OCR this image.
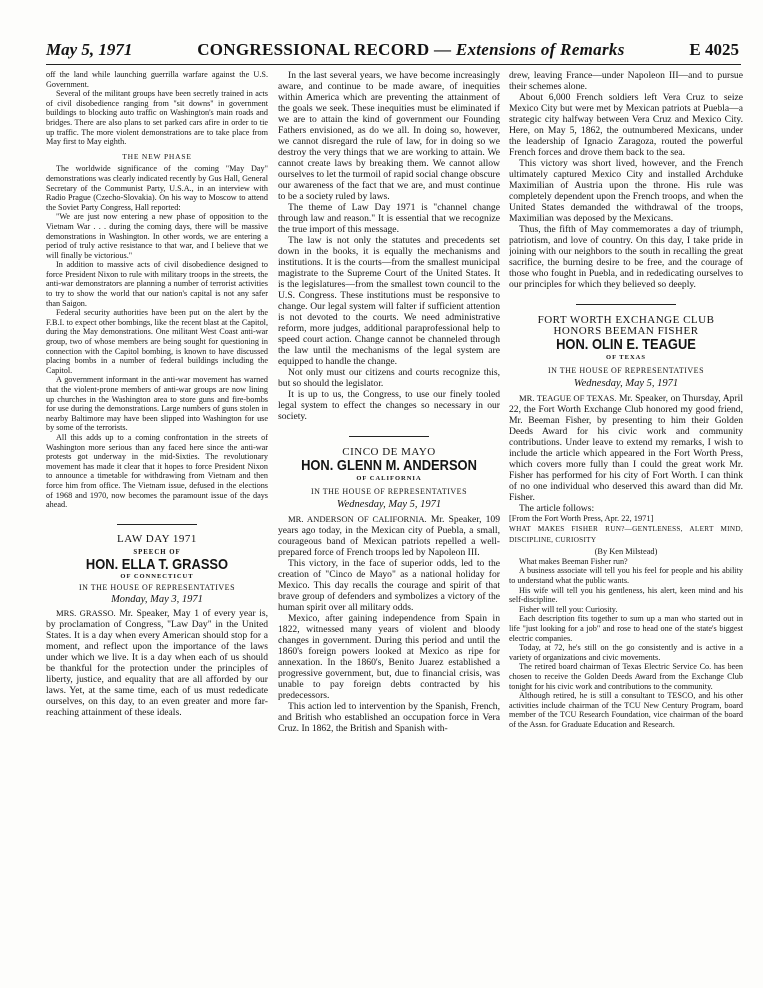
May 5, 1971	CONGRESSIONAL RECORD — Extensions of Remarks	E 4025

off the land while launching guerrilla warfare against the U.S. Government.

Several of the militant groups have been secretly trained in acts of civil disobedience ranging from "sit downs" in government buildings to blocking auto traffic on Washington's main roads and bridges. There are also plans to set parked cars afire in order to tie up traffic. The more violent demonstrations are to take place from May first to May eighth.

THE NEW PHASE

The worldwide significance of the coming "May Day" demonstrations was clearly indicated recently by Gus Hall, General Secretary of the Communist Party, U.S.A., in an interview with Radio Prague (Czecho-Slovakia). On his way to Moscow to attend the Soviet Party Congress, Hall reported:

"We are just now entering a new phase of opposition to the Vietnam War . . . during the coming days, there will be massive demonstrations in Washington. In other words, we are entering a period of truly active resistance to that war, and I believe that we will finally be victorious."

In addition to massive acts of civil disobedience designed to force President Nixon to rule with military troops in the streets, the anti-war demonstrators are planning a number of terrorist activities to try to show the world that our nation's capital is not any safer than Saigon.

Federal security authorities have been put on the alert by the F.B.I. to expect other bombings, like the recent blast at the Capitol, during the May demonstrations. One militant West Coast anti-war group, two of whose members are being sought for questioning in connection with the Capitol bombing, is known to have discussed placing bombs in a number of federal buildings including the Capitol.

A government informant in the anti-war movement has warned that the violent-prone members of anti-war groups are now lining up churches in the Washington area to store guns and fire-bombs for use during the demonstrations. Large numbers of guns stolen in nearby Baltimore may have been slipped into Washington for use by some of the terrorists.

All this adds up to a coming confrontation in the streets of Washington more serious than any faced here since the anti-war protests got underway in the mid-Sixties. The revolutionary movement has made it clear that it hopes to force President Nixon to announce a timetable for withdrawing from Vietnam and then force him from office. The Vietnam issue, defused in the elections of 1968 and 1970, now becomes the paramount issue of the days ahead.

LAW DAY 1971
SPEECH OF
HON. ELLA T. GRASSO
OF CONNECTICUT
IN THE HOUSE OF REPRESENTATIVES
Monday, May 3, 1971

MRS. GRASSO. Mr. Speaker, May 1 of every year is, by proclamation of Congress, "Law Day" in the United States. It is a day when every American should stop for a moment, and reflect upon the importance of the laws under which we live. It is a day when each of us should be thankful for the protection under the principles of liberty, justice, and equality that are all afforded by our laws. Yet, at the same time, each of us must rededicate ourselves, on this day, to an even greater and more far-reaching attainment of these ideals.

In the last several years, we have become increasingly aware, and continue to be made aware, of inequities within America which are preventing the attainment of the goals we seek. These inequities must be eliminated if we are to attain the kind of government our Founding Fathers envisioned, as do we all. In doing so, however, we cannot disregard the rule of law, for in doing so we destroy the very things that we are working to attain. We cannot create laws by breaking them. We cannot allow ourselves to let the turmoil of rapid social change obscure our awareness of the fact that we are, and must continue to be a society ruled by laws.

The theme of Law Day 1971 is "channel change through law and reason." It is essential that we recognize the true import of this message.

The law is not only the statutes and precedents set down in the books, it is equally the mechanisms and institutions. It is the courts—from the smallest municipal magistrate to the Supreme Court of the United States. It is the legislatures—from the smallest town council to the U.S. Congress. These institutions must be responsive to change. Our legal system will falter if sufficient attention is not devoted to the courts. We need administrative reform, more judges, additional paraprofessional help to speed court action. Change cannot be channeled through the law until the mechanisms of the legal system are equipped to handle the change.

Not only must our citizens and courts recognize this, but so should the legislator.

It is up to us, the Congress, to use our finely tooled legal system to effect the changes so necessary in our society.

CINCO DE MAYO
HON. GLENN M. ANDERSON
OF CALIFORNIA
IN THE HOUSE OF REPRESENTATIVES
Wednesday, May 5, 1971

MR. ANDERSON OF CALIFORNIA. Mr. Speaker, 109 years ago today, in the Mexican city of Puebla, a small, courageous band of Mexican patriots repelled a well-prepared force of French troops led by Napoleon III.

This victory, in the face of superior odds, led to the creation of "Cinco de Mayo" as a national holiday for Mexico. This day recalls the courage and spirit of that brave group of defenders and symbolizes a victory of the human spirit over all military odds.

Mexico, after gaining independence from Spain in 1822, witnessed many years of violent and bloody changes in government. During this period and until the 1860's foreign powers looked at Mexico as ripe for annexation. In the 1860's, Benito Juarez established a progressive government, but, due to financial crisis, was unable to pay foreign debts contracted by his predecessors.

This action led to intervention by the Spanish, French, and British who established an occupation force in Vera Cruz. In 1862, the British and Spanish with-

drew, leaving France—under Napoleon III—and to pursue their schemes alone.

About 6,000 French soldiers left Vera Cruz to seize Mexico City but were met by Mexican patriots at Puebla—a strategic city halfway between Vera Cruz and Mexico City. Here, on May 5, 1862, the outnumbered Mexicans, under the leadership of Ignacio Zaragoza, routed the powerful French forces and drove them back to the sea.

This victory was short lived, however, and the French ultimately captured Mexico City and installed Archduke Maximilian of Austria upon the throne. His rule was completely dependent upon the French troops, and when the United States demanded the withdrawal of the troops, Maximilian was deposed by the Mexicans.

Thus, the fifth of May commemorates a day of triumph, patriotism, and love of country. On this day, I take pride in joining with our neighbors to the south in recalling the great sacrifice, the burning desire to be free, and the courage of those who fought in Puebla, and in rededicating ourselves to our principles for which they believed so deeply.

FORT WORTH EXCHANGE CLUB
HONORS BEEMAN FISHER
HON. OLIN E. TEAGUE
OF TEXAS
IN THE HOUSE OF REPRESENTATIVES
Wednesday, May 5, 1971

MR. TEAGUE OF TEXAS. Mr. Speaker, on Thursday, April 22, the Fort Worth Exchange Club honored my good friend, Mr. Beeman Fisher, by presenting to him their Golden Deeds Award for his civic work and community contributions. Under leave to extend my remarks, I wish to include the article which appeared in the Fort Worth Press, which covers more fully than I could the great work Mr. Fisher has performed for his city of Fort Worth. I can think of no one individual who deserved this award than did Mr. Fisher.

The article follows:

[From the Fort Worth Press, Apr. 22, 1971]

WHAT MAKES FISHER RUN?—GENTLENESS, ALERT MIND, DISCIPLINE, CURIOSITY

(By Ken Milstead)

What makes Beeman Fisher run?

A business associate will tell you his feel for people and his ability to understand what the public wants.

His wife will tell you his gentleness, his alert, keen mind and his self-discipline.

Fisher will tell you: Curiosity.

Each description fits together to sum up a man who started out in life "just looking for a job" and rose to head one of the state's biggest electric companies.

Today, at 72, he's still on the go consistently and is active in a variety of organizations and civic movements.

The retired board chairman of Texas Electric Service Co. has been chosen to receive the Golden Deeds Award from the Exchange Club tonight for his civic work and contributions to the community.

Although retired, he is still a consultant to TESCO, and his other activities include chairman of the TCU New Century Program, board member of the TCU Research Foundation, vice chairman of the board of the Assn. for Graduate Education and Research.
